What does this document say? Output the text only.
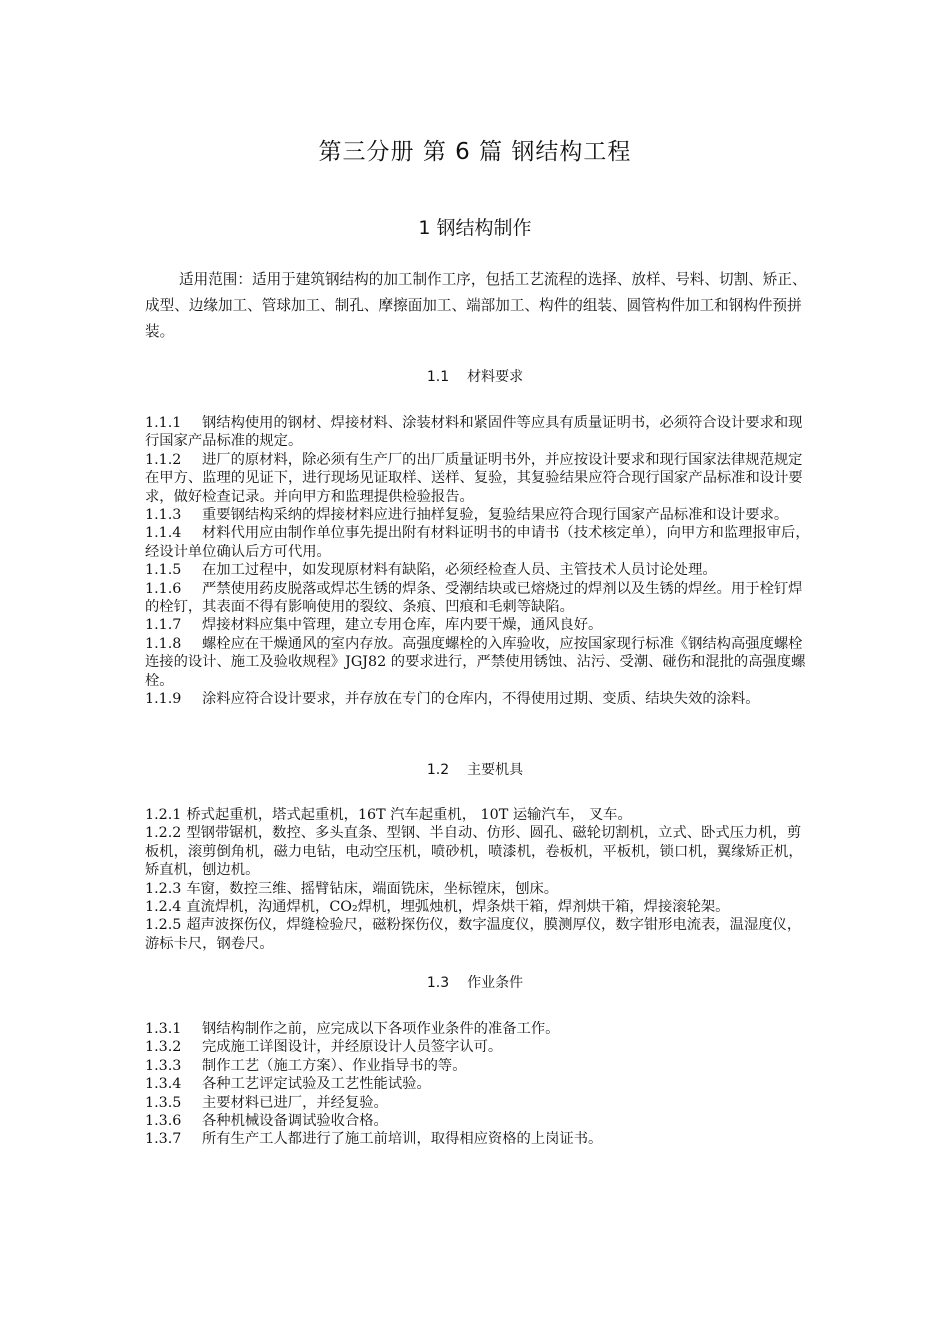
第三分册 第 6 篇 钢结构工程
1 钢结构制作
适用范围：适用于建筑钢结构的加工制作工序，包括工艺流程的选择、放样、号料、切割、矫正、成型、边缘加工、管球加工、制孔、摩擦面加工、端部加工、构件的组装、圆管构件加工和钢构件预拼装。
1.1 材料要求

1.1.1 钢结构使用的钢材、焊接材料、涂装材料和紧固件等应具有质量证明书，必须符合设计要求和现行国家产品标准的规定。

1.1.2 进厂的原材料，除必须有生产厂的出厂质量证明书外，并应按设计要求和现行国家法律规范规定在甲方、监理的见证下，进行现场见证取样、送样、复验，其复验结果应符合现行国家产品标准和设计要求，做好检查记录。并向甲方和监理提供检验报告。

1.1.3 重要钢结构采纳的焊接材料应进行抽样复验，复验结果应符合现行国家产品标准和设计要求。

1.1.4 材料代用应由制作单位事先提出附有材料证明书的申请书（技术核定单），向甲方和监理报审后，经设计单位确认后方可代用。

1.1.5 在加工过程中，如发现原材料有缺陷，必须经检查人员、主管技术人员讨论处理。

1.1.6 严禁使用药皮脱落或焊芯生锈的焊条、受潮结块或已熔烧过的焊剂以及生锈的焊丝。用于栓钉焊的栓钉，其表面不得有影响使用的裂纹、条痕、凹痕和毛刺等缺陷。

1.1.7 焊接材料应集中管理，建立专用仓库，库内要干燥，通风良好。

1.1.8 螺栓应在干燥通风的室内存放。高强度螺栓的入库验收，应按国家现行标准《钢结构高强度螺栓连接的设计、施工及验收规程》JGJ82 的要求进行，严禁使用锈蚀、沾污、受潮、碰伤和混批的高强度螺栓。

1.1.9 涂料应符合设计要求，并存放在专门的仓库内，不得使用过期、变质、结块失效的涂料。

1.2 主要机具

1.2.1 桥式起重机，塔式起重机，16T 汽车起重机， 10T 运输汽车， 叉车。

1.2.2 型钢带锯机，数控、多头直条、型钢、半自动、仿形、圆孔、磁轮切割机，立式、卧式压力机，剪板机，滚剪倒角机，磁力电钻，电动空压机，喷砂机，喷漆机，卷板机，平板机，锁口机，翼缘矫正机，矫直机，刨边机。

1.2.3 车窗，数控三维、摇臂钻床，端面铣床，坐标镗床，刨床。

1.2.4 直流焊机，沟通焊机，CO₂焊机，埋弧烛机，焊条烘干箱，焊剂烘干箱，焊接滚轮架。

1.2.5 超声波探伤仪，焊缝检验尺，磁粉探伤仪，数字温度仪，膜测厚仪，数字钳形电流表，温湿度仪，游标卡尺，钢卷尺。

1.3 作业条件

1.3.1 钢结构制作之前，应完成以下各项作业条件的准备工作。

1.3.2 完成施工详图设计，并经原设计人员签字认可。

1.3.3 制作工艺（施工方案）、作业指导书的等。

1.3.4 各种工艺评定试验及工艺性能试验。

1.3.5 主要材料已进厂，并经复验。

1.3.6 各种机械设备调试验收合格。

1.3.7 所有生产工人都进行了施工前培训，取得相应资格的上岗证书。
